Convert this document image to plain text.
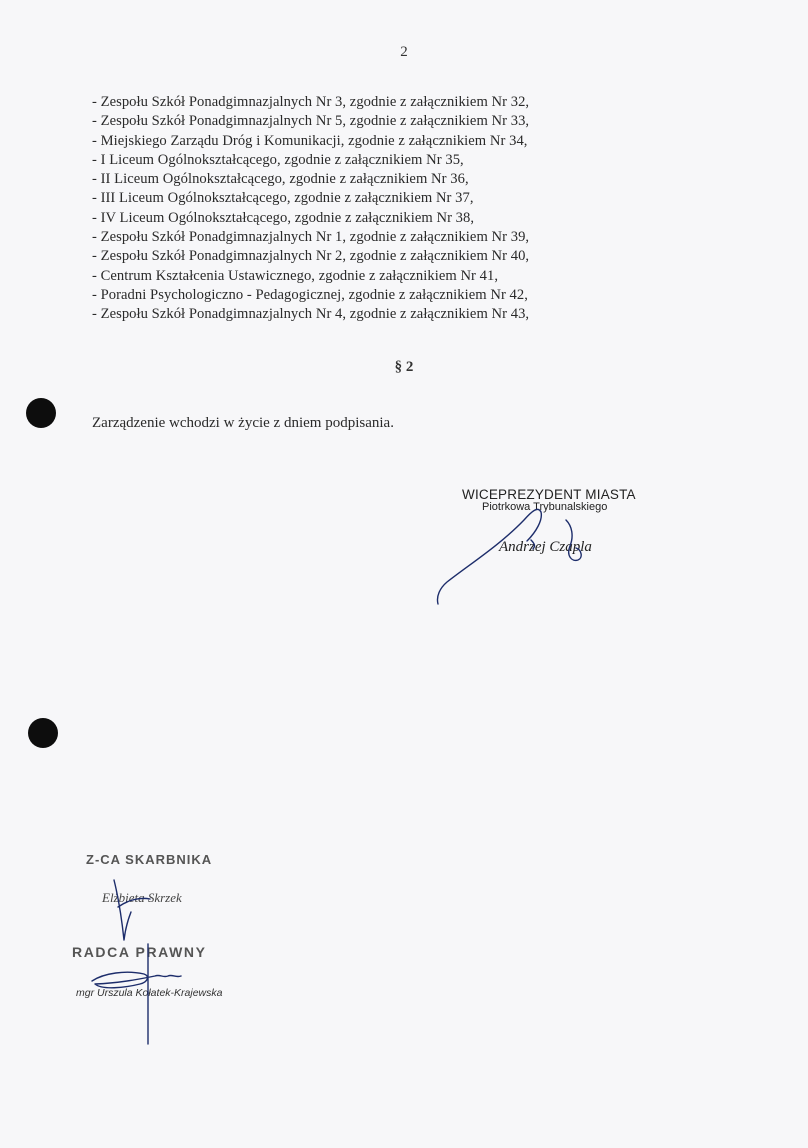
2
- Zespołu Szkół Ponadgimnazjalnych Nr 3, zgodnie z załącznikiem Nr 32,
- Zespołu Szkół Ponadgimnazjalnych Nr 5, zgodnie z załącznikiem Nr 33,
- Miejskiego Zarządu Dróg i Komunikacji, zgodnie z załącznikiem Nr 34,
- I Liceum Ogólnokształcącego, zgodnie z załącznikiem Nr 35,
- II Liceum Ogólnokształcącego, zgodnie z załącznikiem Nr 36,
- III Liceum Ogólnokształcącego, zgodnie z załącznikiem Nr 37,
- IV Liceum Ogólnokształcącego, zgodnie z załącznikiem Nr 38,
- Zespołu Szkół Ponadgimnazjalnych Nr 1, zgodnie z załącznikiem Nr 39,
- Zespołu Szkół Ponadgimnazjalnych Nr 2, zgodnie z załącznikiem Nr 40,
- Centrum Kształcenia Ustawicznego, zgodnie z załącznikiem Nr 41,
- Poradni Psychologiczno - Pedagogicznej, zgodnie z załącznikiem Nr 42,
- Zespołu Szkół Ponadgimnazjalnych Nr 4, zgodnie z załącznikiem Nr 43,
§ 2
Zarządzenie wchodzi w życie z dniem podpisania.
WICEPREZYDENT MIASTA
Piotrkowa Trybunalskiego
Andrzej Czapla
Z-CA SKARBNIKA
Elżbieta Skrzek
RADCA PRAWNY
mgr Urszula Kołatek-Krajewska
